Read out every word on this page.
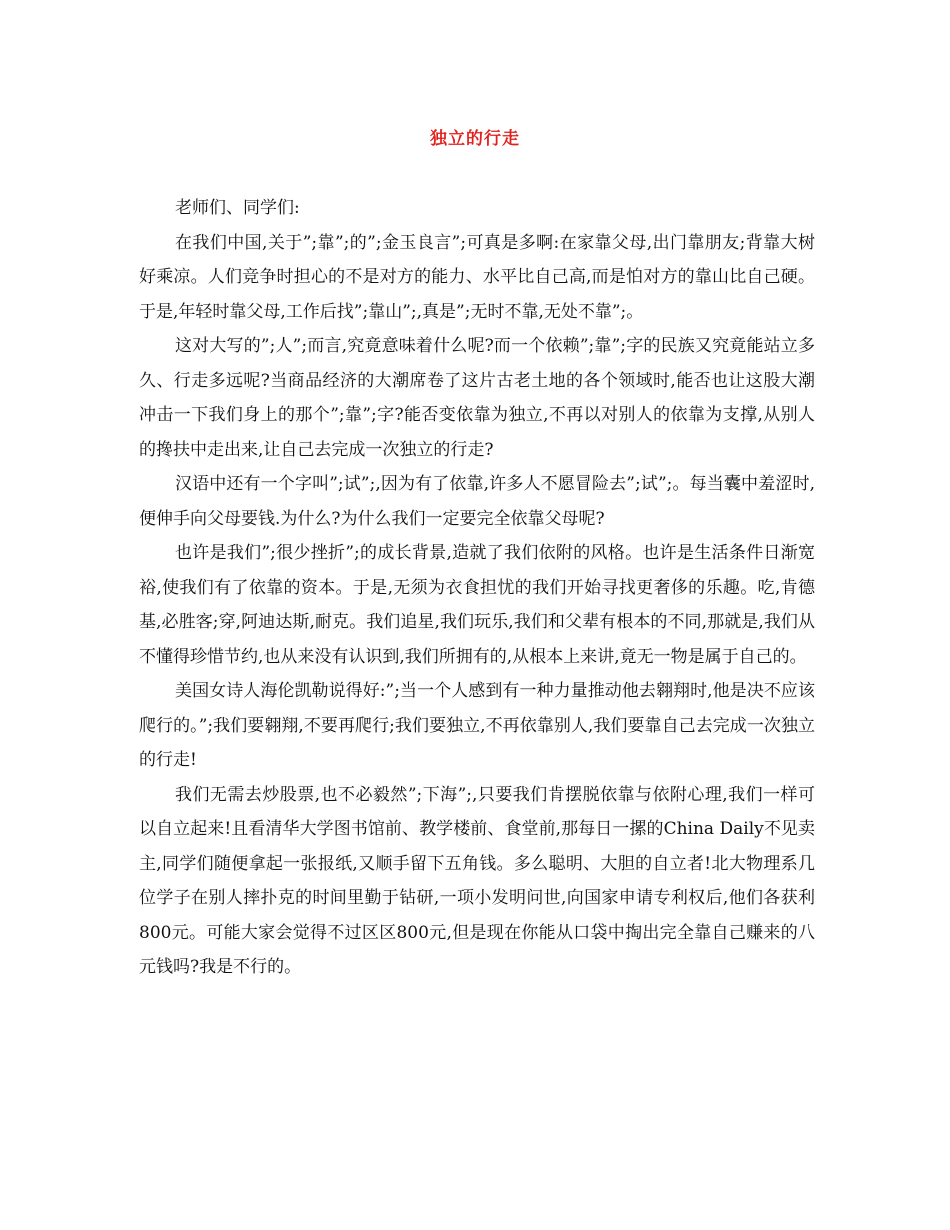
独立的行走

老师们、同学们:

在我们中国,关于”;靠”;的”;金玉良言”;可真是多啊:在家靠父母,出门靠朋友;背靠大树好乘凉。人们竞争时担心的不是对方的能力、水平比自己高,而是怕对方的靠山比自己硬。于是,年轻时靠父母,工作后找”;靠山”;,真是”;无时不靠,无处不靠”;。

这对大写的”;人”;而言,究竟意味着什么呢?而一个依赖”;靠”;字的民族又究竟能站立多久、行走多远呢?当商品经济的大潮席卷了这片古老土地的各个领域时,能否也让这股大潮冲击一下我们身上的那个”;靠”;字?能否变依靠为独立,不再以对别人的依靠为支撑,从别人的搀扶中走出来,让自己去完成一次独立的行走?

汉语中还有一个字叫”;试”;,因为有了依靠,许多人不愿冒险去”;试”;。每当囊中羞涩时,便伸手向父母要钱.为什么?为什么我们一定要完全依靠父母呢?

也许是我们”;很少挫折”;的成长背景,造就了我们依附的风格。也许是生活条件日渐宽裕,使我们有了依靠的资本。于是,无须为衣食担忧的我们开始寻找更奢侈的乐趣。吃,肯德基,必胜客;穿,阿迪达斯,耐克。我们追星,我们玩乐,我们和父辈有根本的不同,那就是,我们从不懂得珍惜节约,也从来没有认识到,我们所拥有的,从根本上来讲,竟无一物是属于自己的。

美国女诗人海伦凯勒说得好:”;当一个人感到有一种力量推动他去翱翔时,他是决不应该爬行的。”;我们要翱翔,不要再爬行;我们要独立,不再依靠别人,我们要靠自己去完成一次独立的行走!

我们无需去炒股票,也不必毅然”;下海”;,只要我们肯摆脱依靠与依附心理,我们一样可以自立起来!且看清华大学图书馆前、教学楼前、食堂前,那每日一摞的China Daily不见卖主,同学们随便拿起一张报纸,又顺手留下五角钱。多么聪明、大胆的自立者!北大物理系几位学子在别人摔扑克的时间里勤于钻研,一项小发明问世,向国家申请专利权后,他们各获利800元。可能大家会觉得不过区区800元,但是现在你能从口袋中掏出完全靠自己赚来的八元钱吗?我是不行的。
